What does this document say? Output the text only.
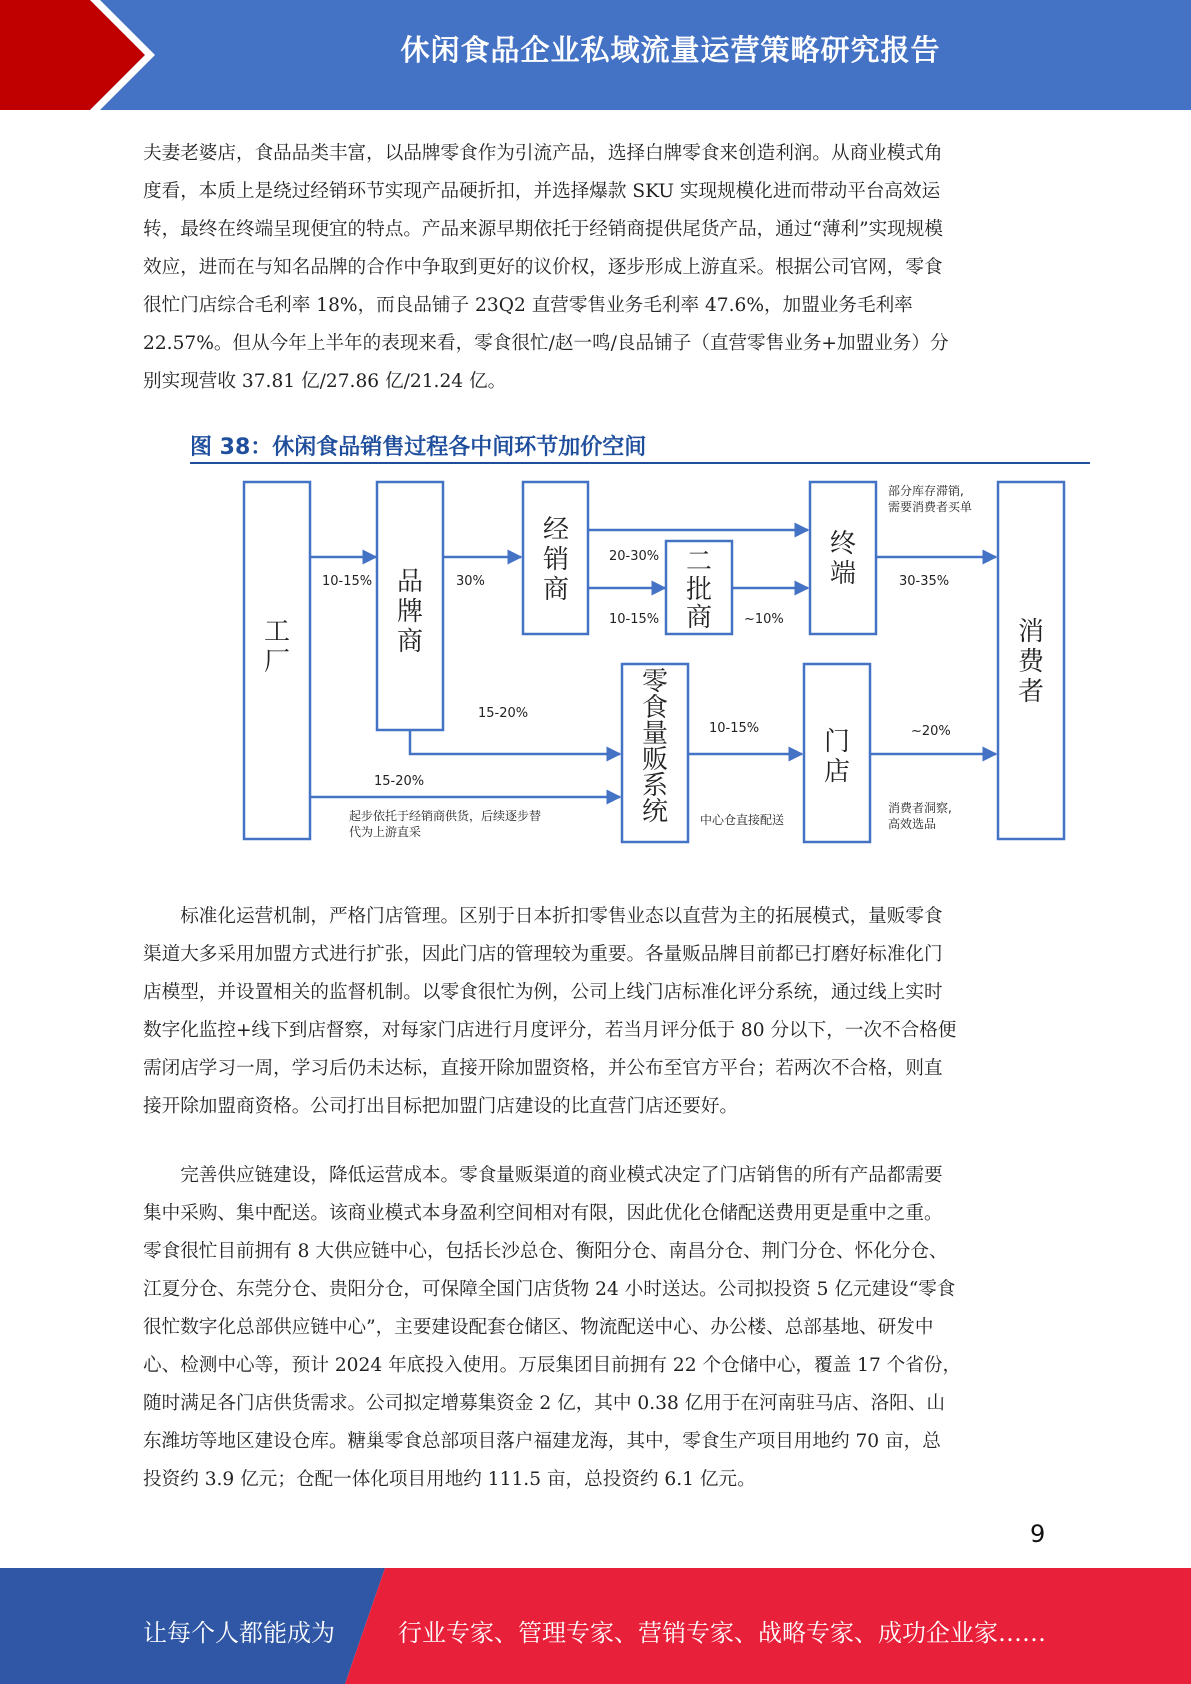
休闲食品企业私域流量运营策略研究报告
夫妻老婆店，食品品类丰富，以品牌零食作为引流产品，选择白牌零食来创造利润。从商业模式角
度看，本质上是绕过经销环节实现产品硬折扣，并选择爆款 SKU 实现规模化进而带动平台高效运
转，最终在终端呈现便宜的特点。产品来源早期依托于经销商提供尾货产品，通过“薄利”实现规模
效应，进而在与知名品牌的合作中争取到更好的议价权，逐步形成上游直采。根据公司官网，零食
很忙门店综合毛利率 18%，而良品铺子 23Q2 直营零售业务毛利率 47.6%，加盟业务毛利率
22.57%。但从今年上半年的表现来看，零食很忙/赵一鸣/良品铺子（直营零售业务+加盟业务）分
别实现营收 37.81 亿/27.86 亿/21.24 亿。
图 38：休闲食品销售过程各中间环节加价空间
工厂
品牌商
经销商
二批商
终端
消费者
零食量贩系统
门店
10-15%	30%
20-30%
10-15%	~10%
30-35%
15-20%
15-20%
10-15%	~20%
部分库存滞销,
需要消费者买单
起步依托于经销商供货，后续逐步替
代为上游直采
中心仓直接配送
消费者洞察,
高效选品
标准化运营机制，严格门店管理。区别于日本折扣零售业态以直营为主的拓展模式，量贩零食
渠道大多采用加盟方式进行扩张，因此门店的管理较为重要。各量贩品牌目前都已打磨好标准化门
店模型，并设置相关的监督机制。以零食很忙为例，公司上线门店标准化评分系统，通过线上实时
数字化监控+线下到店督察，对每家门店进行月度评分，若当月评分低于 80 分以下，一次不合格便
需闭店学习一周，学习后仍未达标，直接开除加盟资格，并公布至官方平台；若两次不合格，则直
接开除加盟商资格。公司打出目标把加盟门店建设的比直营门店还要好。
完善供应链建设，降低运营成本。零食量贩渠道的商业模式决定了门店销售的所有产品都需要
集中采购、集中配送。该商业模式本身盈利空间相对有限，因此优化仓储配送费用更是重中之重。
零食很忙目前拥有 8 大供应链中心，包括长沙总仓、衡阳分仓、南昌分仓、荆门分仓、怀化分仓、
江夏分仓、东莞分仓、贵阳分仓，可保障全国门店货物 24 小时送达。公司拟投资 5 亿元建设“零食
很忙数字化总部供应链中心”，主要建设配套仓储区、物流配送中心、办公楼、总部基地、研发中
心、检测中心等，预计 2024 年底投入使用。万辰集团目前拥有 22 个仓储中心，覆盖 17 个省份，
随时满足各门店供货需求。公司拟定增募集资金 2 亿，其中 0.38 亿用于在河南驻马店、洛阳、山
东潍坊等地区建设仓库。糖巢零食总部项目落户福建龙海，其中，零食生产项目用地约 70 亩，总
投资约 3.9 亿元；仓配一体化项目用地约 111.5 亩，总投资约 6.1 亿元。
9
让每个人都能成为	行业专家、管理专家、营销专家、战略专家、成功企业家……
